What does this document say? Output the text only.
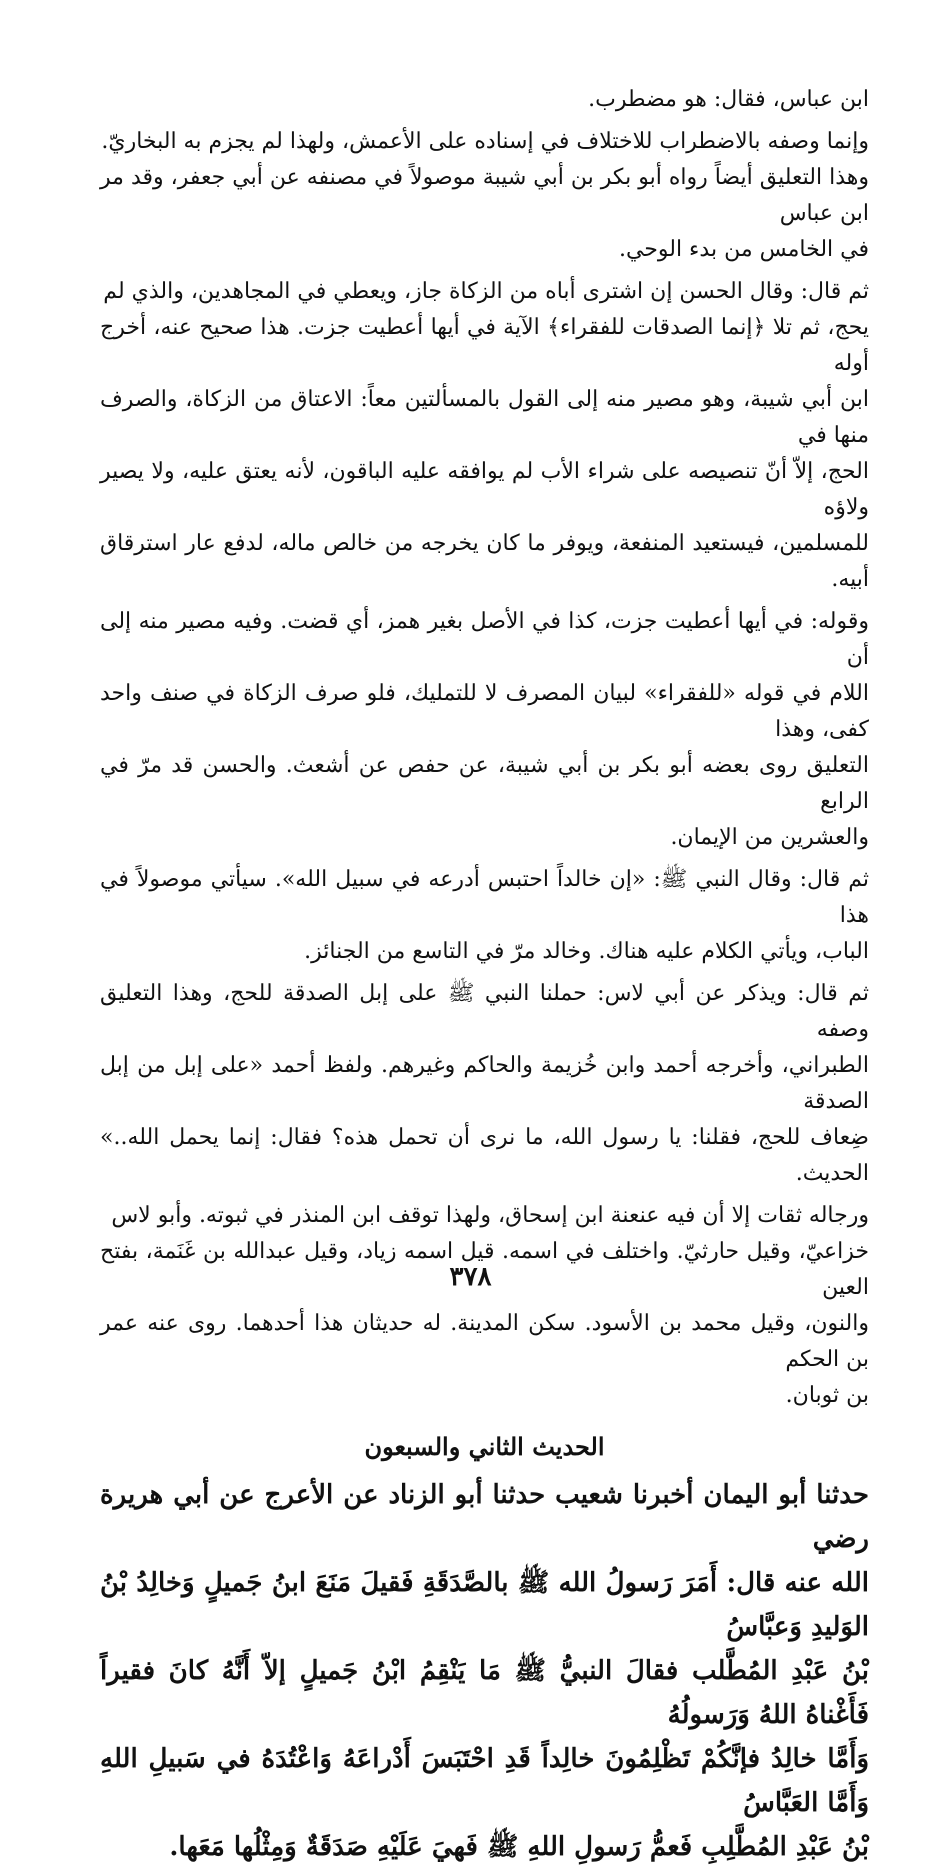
ابن عباس، فقال: هو مضطرب.
وإنما وصفه بالاضطراب للاختلاف في إسناده على الأعمش، ولهذا لم يجزم به البخاريّ.
وهذا التعليق أيضاً رواه أبو بكر بن أبي شيبة موصولاً في مصنفه عن أبي جعفر، وقد مر ابن عباس
في الخامس من بدء الوحي.
ثم قال: وقال الحسن إن اشترى أباه من الزكاة جاز، ويعطي في المجاهدين، والذي لم
يحج، ثم تلا ﴿إنما الصدقات للفقراء﴾ الآية في أيها أعطيت جزت. هذا صحيح عنه، أخرج أوله
ابن أبي شيبة، وهو مصير منه إلى القول بالمسألتين معاً: الاعتاق من الزكاة، والصرف منها في
الحج، إلاّ أنّ تنصيصه على شراء الأب لم يوافقه عليه الباقون، لأنه يعتق عليه، ولا يصير ولاؤه
للمسلمين، فيستعيد المنفعة، ويوفر ما كان يخرجه من خالص ماله، لدفع عار استرقاق أبيه.
وقوله: في أيها أعطيت جزت، كذا في الأصل بغير همز، أي قضت. وفيه مصير منه إلى أن
اللام في قوله «للفقراء» لبيان المصرف لا للتمليك، فلو صرف الزكاة في صنف واحد كفى، وهذا
التعليق روى بعضه أبو بكر بن أبي شيبة، عن حفص عن أشعث. والحسن قد مرّ في الرابع
والعشرين من الإيمان.
ثم قال: وقال النبي ﷺ: «إن خالداً احتبس أدرعه في سبيل الله». سيأتي موصولاً في هذا
الباب، ويأتي الكلام عليه هناك. وخالد مرّ في التاسع من الجنائز.
ثم قال: ويذكر عن أبي لاس: حملنا النبي ﷺ على إبل الصدقة للحج، وهذا التعليق وصفه
الطبراني، وأخرجه أحمد وابن خُزيمة والحاكم وغيرهم. ولفظ أحمد «على إبل من إبل الصدقة
ضِعاف للحج، فقلنا: يا رسول الله، ما نرى أن تحمل هذه؟ فقال: إنما يحمل الله..» الحديث.
ورجاله ثقات إلا أن فيه عنعنة ابن إسحاق، ولهذا توقف ابن المنذر في ثبوته. وأبو لاس
خزاعيّ، وقيل حارثيّ. واختلف في اسمه. قيل اسمه زياد، وقيل عبدالله بن غَنَمة، بفتح العين
والنون، وقيل محمد بن الأسود. سكن المدينة. له حديثان هذا أحدهما. روى عنه عمر بن الحكم
بن ثوبان.
الحديث الثاني والسبعون
حدثنا أبو اليمان أخبرنا شعيب حدثنا أبو الزناد عن الأعرج عن أبي هريرة رضي
الله عنه قال: أَمَرَ رَسولُ الله ﷺ بالصَّدَقَةِ فَقيلَ مَنَعَ ابنُ جَميلٍ وَخالِدُ بْنُ الوَليدِ وَعبَّاسُ
بْنُ عَبْدِ المُطَّلب فقالَ النبيُّ ﷺ مَا يَنْقِمُ ابْنُ جَميلٍ إلاّ أَنَّهُ كانَ فقيراً فَأَغْناهُ اللهُ وَرَسولُهُ
وَأَمَّا خالِدُ فإنَّكُمْ تَظْلِمُونَ خالِداً قَدِ احْتَبَسَ أَدْراعَهُ وَاعْتُدَهُ في سَبيلِ اللهِ وَأَمَّا العَبَّاسُ
بْنُ عَبْدِ المُطَّلِبِ فَعمُّ رَسولِ اللهِ ﷺ فَهيَ عَلَيْهِ صَدَقَةٌ وَمِثْلُها مَعَها.
٣٧٨
